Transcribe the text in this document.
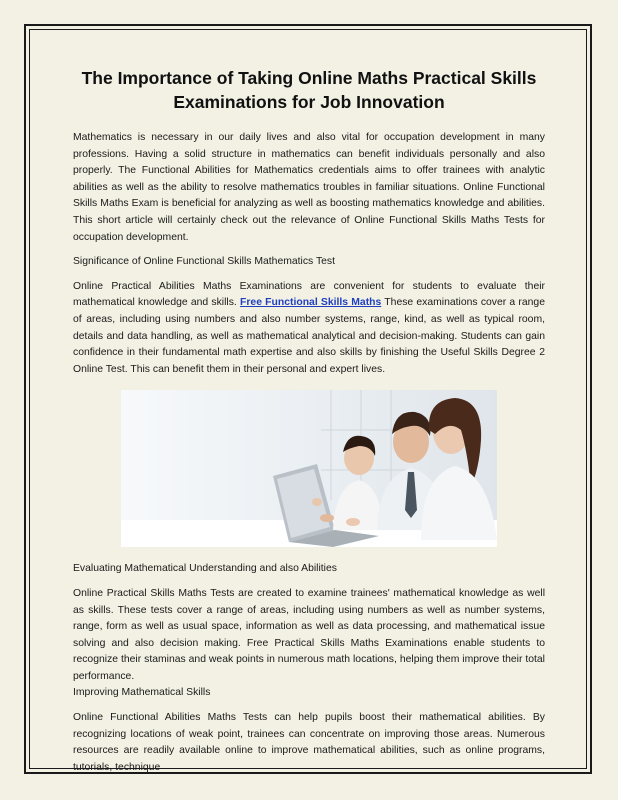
The Importance of Taking Online Maths Practical Skills Examinations for Job Innovation

Mathematics is necessary in our daily lives and also vital for occupation development in many professions. Having a solid structure in mathematics can benefit individuals personally and also properly. The Functional Abilities for Mathematics credentials aims to offer trainees with analytic abilities as well as the ability to resolve mathematics troubles in familiar situations. Online Functional Skills Maths Exam is beneficial for analyzing as well as boosting mathematics knowledge and abilities. This short article will certainly check out the relevance of Online Functional Skills Maths Tests for occupation development.

Significance of Online Functional Skills Mathematics Test

Online Practical Abilities Maths Examinations are convenient for students to evaluate their mathematical knowledge and skills. Free Functional Skills Maths These examinations cover a range of areas, including using numbers and also number systems, range, kind, as well as typical room, details and data handling, as well as mathematical analytical and decision-making. Students can gain confidence in their fundamental math expertise and also skills by finishing the Useful Skills Degree 2 Online Test. This can benefit them in their personal and expert lives.

Evaluating Mathematical Understanding and also Abilities

Online Practical Skills Maths Tests are created to examine trainees' mathematical knowledge as well as skills. These tests cover a range of areas, including using numbers as well as number systems, range, form as well as usual space, information as well as data processing, and mathematical issue solving and also decision making. Free Practical Skills Maths Examinations enable students to recognize their staminas and weak points in numerous math locations, helping them improve their total performance.

Improving Mathematical Skills

Online Functional Abilities Maths Tests can help pupils boost their mathematical abilities. By recognizing locations of weak point, trainees can concentrate on improving those areas. Numerous resources are readily available online to improve mathematical abilities, such as online programs, tutorials, technique
